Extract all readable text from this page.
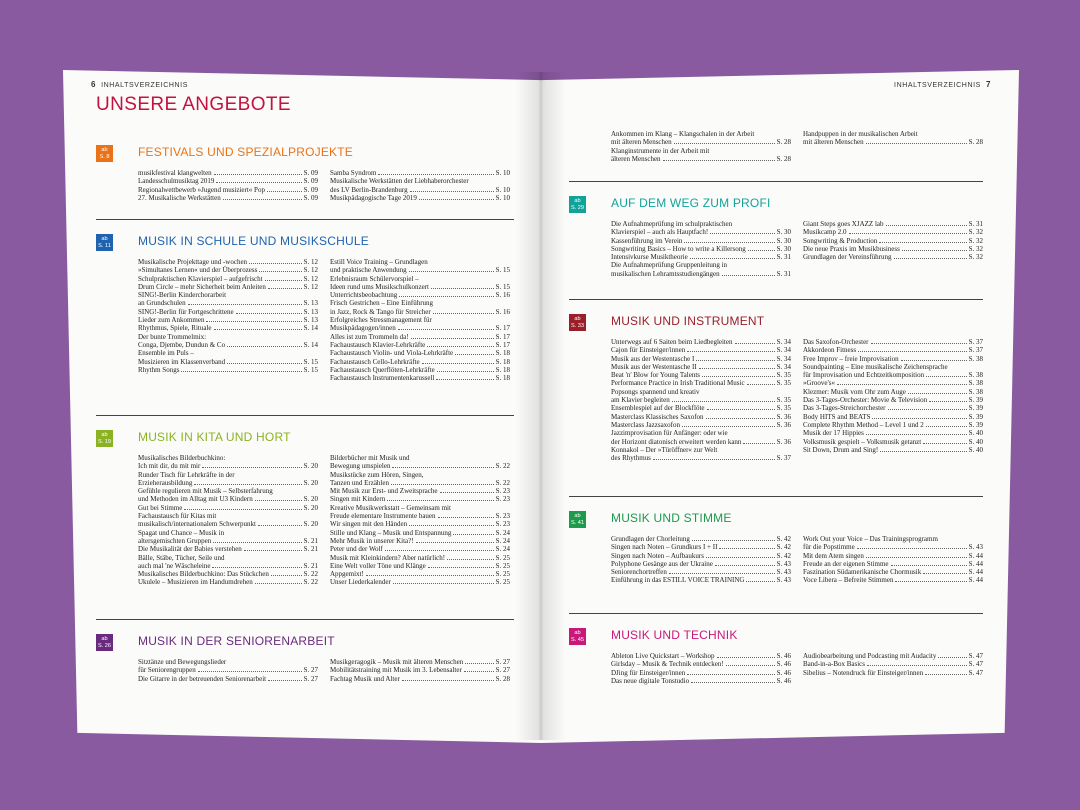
6 INHALTSVERZEICHNIS	INHALTSVERZEICHNIS 7
UNSERE ANGEBOTE
ab
S. 8 FESTIVALS UND SPEZIALPROJEKTE
musikfestival klangwelten	S. 09
Landesschulmusiktag 2019	S. 09
Regionalwettbewerb »Jugend musiziert« Pop	S. 09
27. Musikalische Werkstätten	S. 09
Samba Syndrom	S. 10
Musikalische Werkstätten der Liebhaberorchester
des LV Berlin-Brandenburg	S. 10
Musikpädagogische Tage 2019	S. 10
ab
S. 11 MUSIK IN SCHULE UND MUSIKSCHULE
Musikalische Projekttage und -wochen	S. 12
»Simultanes Lernen« und der Überprozess	S. 12
Schulpraktischen Klavierspiel – aufgefrischt	S. 12
Drum Circle – mehr Sicherheit beim Anleiten	S. 12
SING!-Berlin Kinderchorarbeit
an Grundschulen	S. 13
SING!-Berlin für Fortgeschrittene	S. 13
Lieder zum Ankommen	S. 13
Rhythmus, Spiele, Rituale	S. 14
Der bunte Trommelmix:
Conga, Djembe, Dundun & Co	S. 14
Ensemble im Puls –
Musizieren im Klassenverband	S. 15
Rhythm Songs	S. 15
Estill Voice Training – Grundlagen
und praktische Anwendung	S. 15
Erlebnisraum Schülervorspiel –
Ideen rund ums Musikschulkonzert	S. 15
Unterrichtsbeobachtung	S. 16
Frisch Gestrichen – Eine Einführung
in Jazz, Rock & Tango für Streicher	S. 16
Erfolgreiches Stressmanagement für
Musikpädagogen/innen	S. 17
Alles ist zum Trommeln da!	S. 17
Fachaustausch Klavier-Lehrkräfte	S. 17
Fachaustausch Violin- und Viola-Lehrkräfte	S. 18
Fachaustausch Cello-Lehrkräfte	S. 18
Fachaustausch Querflöten-Lehrkräfte	S. 18
Fachaustausch Instrumentenkarussell	S. 18
ab
S. 19 MUSIK IN KITA UND HORT
Musikalisches Bilderbuchkino:
Ich mit dir, du mit mir	S. 20
Runder Tisch für Lehrkräfte in der
Erzieherausbildung	S. 20
Gefühle regulieren mit Musik – Selbsterfahrung
und Methoden im Alltag mit U3 Kindern	S. 20
Gut bei Stimme	S. 20
Fachaustausch für Kitas mit
musikalisch/internationalem Schwerpunkt	S. 20
Spagat und Chance – Musik in
altersgemischten Gruppen	S. 21
Die Musikalität der Babies verstehen	S. 21
Bälle, Stäbe, Tücher, Seile und
auch mal 'ne Wäscheleine	S. 21
Musikalisches Bilderbuchkino: Das Stückchen	S. 22
Ukulele – Musizieren im Handumdrehen	S. 22
Bilderbücher mit Musik und
Bewegung umspielen	S. 22
Musikstücke zum Hören, Singen,
Tanzen und Erzählen	S. 22
Mit Musik zur Erst- und Zweitsprache	S. 23
Singen mit Kindern	S. 23
Kreative Musikwerkstatt – Gemeinsam mit
Freude elementare Instrumente bauen	S. 23
Wir singen mit den Händen	S. 23
Stille und Klang – Musik und Entspannung	S. 24
Mehr Musik in unserer Kita?!	S. 24
Peter und der Wolf	S. 24
Musik mit Kleinkindern? Aber natürlich!	S. 25
Eine Welt voller Töne und Klänge	S. 25
Appgemixt!	S. 25
Unser Liederkalender	S. 25
ab
S. 26 MUSIK IN DER SENIORENARBEIT
Sitztänze und Bewegungslieder
für Seniorengruppen	S. 27
Die Gitarre in der betreuenden Seniorenarbeit	S. 27
Musikgeragogik – Musik mit älteren Menschen	S. 27
Mobilitätstraining mit Musik im 3. Lebensalter	S. 27
Fachtag Musik und Alter	S. 28
Ankommen im Klang – Klangschalen in der Arbeit
mit älteren Menschen	S. 28
Klanginstrumente in der Arbeit mit
älteren Menschen	S. 28
Handpuppen in der musikalischen Arbeit
mit älteren Menschen	S. 28
ab
S. 29 AUF DEM WEG ZUM PROFI
Die Aufnahmeprüfung im schulpraktischen
Klavierspiel – auch als Hauptfach!	S. 30
Kassenführung im Verein	S. 30
Songwriting Basics – How to write a Killersong	S. 30
Intensivkurse Musiktheorie	S. 31
Die Aufnahmeprüfung Gruppenleitung in
musikalischen Lehramtsstudiengängen	S. 31
Giant Steps goes XJAZZ lab	S. 31
Musikcamp 2.0	S. 32
Songwriting & Production	S. 32
Die neue Praxis im Musikbusiness	S. 32
Grundlagen der Vereinsführung	S. 32
ab
S. 33 MUSIK UND INSTRUMENT
Unterwegs auf 6 Saiten beim Liedbegleiten	S. 34
Cajon für Einsteiger/innen	S. 34
Musik aus der Westentasche I	S. 34
Musik aus der Westentasche II	S. 34
Beat 'n' Blow for Young Talents	S. 35
Performance Practice in Irish Traditional Music	S. 35
Popsongs spannend und kreativ
am Klavier begleiten	S. 35
Ensemblespiel auf der Blockflöte	S. 35
Masterclass Klassisches Saxofon	S. 36
Masterclass Jazzsaxofon	S. 36
Jazzimprovisation für Anfänger: oder wie
der Horizont diatonisch erweitert werden kann	S. 36
Konnakol – Der »Türöffner« zur Welt
des Rhythmus	S. 37
Das Saxofon-Orchester	S. 37
Akkordeon Fitness	S. 37
Free Improv – freie Improvisation	S. 38
Soundpainting – Eine musikalische Zeichensprache
für Improvisation und Echtzeitkomposition	S. 38
»Groove's«	S. 38
Klezmer: Musik vom Ohr zum Auge	S. 38
Das 3-Tages-Orchester: Movie & Television	S. 39
Das 3-Tages-Streichorchester	S. 39
Body HITS and BEATS	S. 39
Complete Rhythm Method – Level 1 und 2	S. 39
Musik der 17 Hippies	S. 40
Volksmusik gespielt – Volksmusik getanzt	S. 40
Sit Down, Drum and Sing!	S. 40
ab
S. 41 MUSIK UND STIMME
Grundlagen der Chorleitung	S. 42
Singen nach Noten – Grundkurs I + II	S. 42
Singen nach Noten – Aufbaukurs	S. 42
Polyphone Gesänge aus der Ukraine	S. 43
Seniorenchortreffen	S. 43
Einführung in das ESTILL VOICE TRAINING	S. 43
Work Out your Voice – Das Trainingsprogramm
für die Popstimme	S. 43
Mit dem Atem singen	S. 44
Freude an der eigenen Stimme	S. 44
Faszination Südamerikanische Chormusik	S. 44
Voce Libera – Befreite Stimmen	S. 44
ab
S. 45 MUSIK UND TECHNIK
Ableton Live Quickstart – Workshop	S. 46
Girlsday – Musik & Technik entdecken!	S. 46
DJing für Einsteiger/innen	S. 46
Das neue digitale Tonstudio	S. 46
Audiobearbeitung und Podcasting mit Audacity	S. 47
Band-in-a-Box Basics	S. 47
Sibelius – Notendruck für Einsteiger/innen	S. 47
